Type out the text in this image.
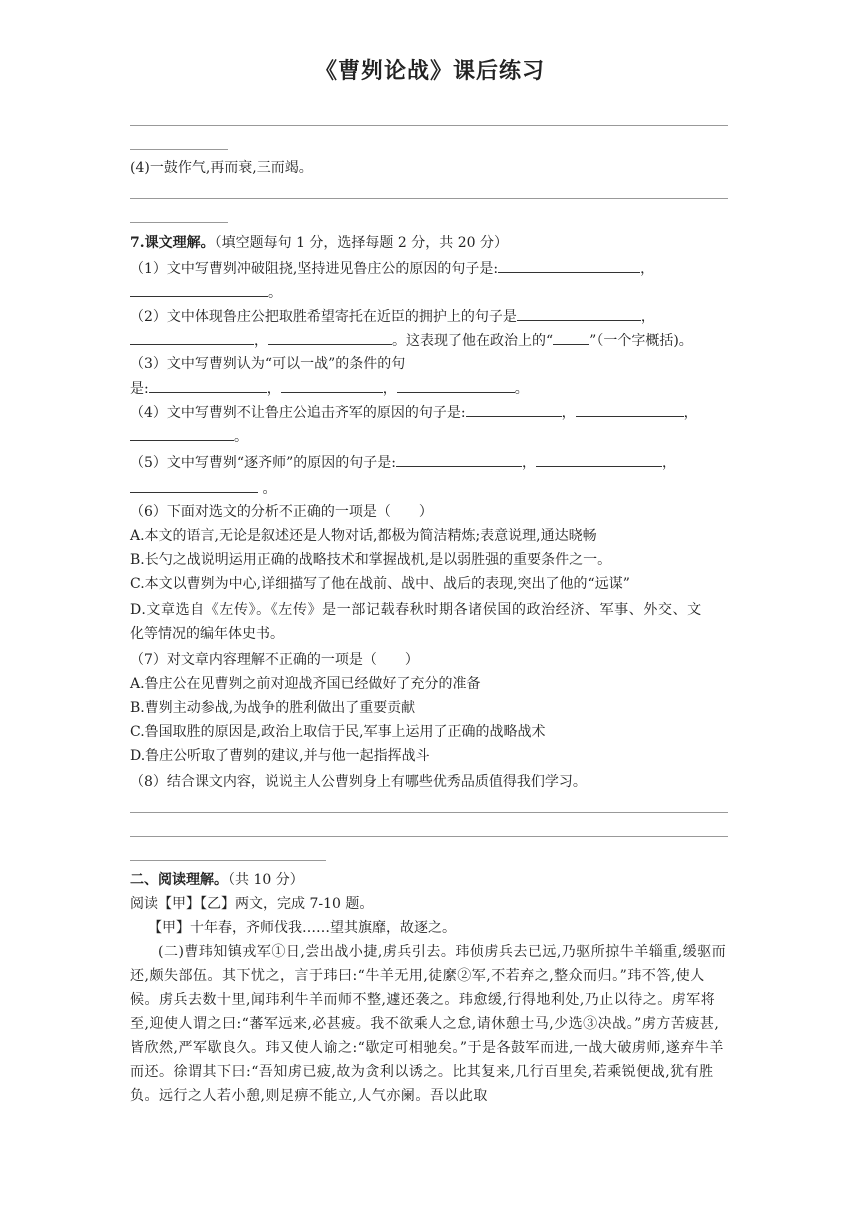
《曹刿论战》课后练习
(4)一鼓作气,再而衰,三而竭。
7.课文理解。（填空题每句 1 分，选择每题 2 分，共 20 分）
（1）文中写曹刿冲破阻挠,坚持进见鲁庄公的原因的句子是:	，
。
（2）文中体现鲁庄公把取胜希望寄托在近臣的拥护上的句子是	，
，	。这表现了他在政治上的“	”（一个字概括)。
（3）文中写曹刿认为“可以一战”的条件的句
是:	，	，	。
（4）文中写曹刿不让鲁庄公追击齐军的原因的句子是:	，	，
。
（5）文中写曹刿“逐齐师”的原因的句子是:	，	，
。
（6）下面对选文的分析不正确的一项是（　　）
A.本文的语言,无论是叙述还是人物对话,都极为简洁精炼;表意说理,通达晓畅
B.长勺之战说明运用正确的战略技术和掌握战机,是以弱胜强的重要条件之一。
C.本文以曹刿为中心,详细描写了他在战前、战中、战后的表现,突出了他的“远谋”
D.文章选自《左传》。《左传》是一部记载春秋时期各诸侯国的政治经济、军事、外交、文
化等情况的编年体史书。
（7）对文章内容理解不正确的一项是（　　）
A.鲁庄公在见曹刿之前对迎战齐国已经做好了充分的准备
B.曹刿主动参战,为战争的胜利做出了重要贡献
C.鲁国取胜的原因是,政治上取信于民,军事上运用了正确的战略战术
D.鲁庄公听取了曹刿的建议,并与他一起指挥战斗
（8）结合课文内容，说说主人公曹刿身上有哪些优秀品质值得我们学习。
二、阅读理解。（共 10 分）
阅读【甲】【乙】两文，完成 7-10 题。
【甲】十年春，齐师伐我……望其旗靡，故逐之。
(二)曹玮知镇戎军①日,尝出战小捷,虏兵引去。玮侦虏兵去已远,乃驱所掠牛羊辎重,缓驱而还,颇失部伍。其下忧之，言于玮曰:“牛羊无用,徒縻②军,不若弃之,整众而归。”玮不答,使人候。虏兵去数十里,闻玮利牛羊而师不整,遽还袭之。玮愈缓,行得地利处,乃止以待之。虏军将至,迎使人谓之曰:“蕃军远来,必甚疲。我不欲乘人之怠,请休憩士马,少选③决战。”虏方苦疲甚,皆欣然,严军歇良久。玮又使人谕之:“歇定可相驰矣。”于是各鼓军而进,一战大破虏师,遂弃牛羊而还。徐谓其下曰:“吾知虏已疲,故为贪利以诱之。比其复来,几行百里矣,若乘锐便战,犹有胜负。远行之人若小憩,则足痹不能立,人气亦阑。吾以此取
